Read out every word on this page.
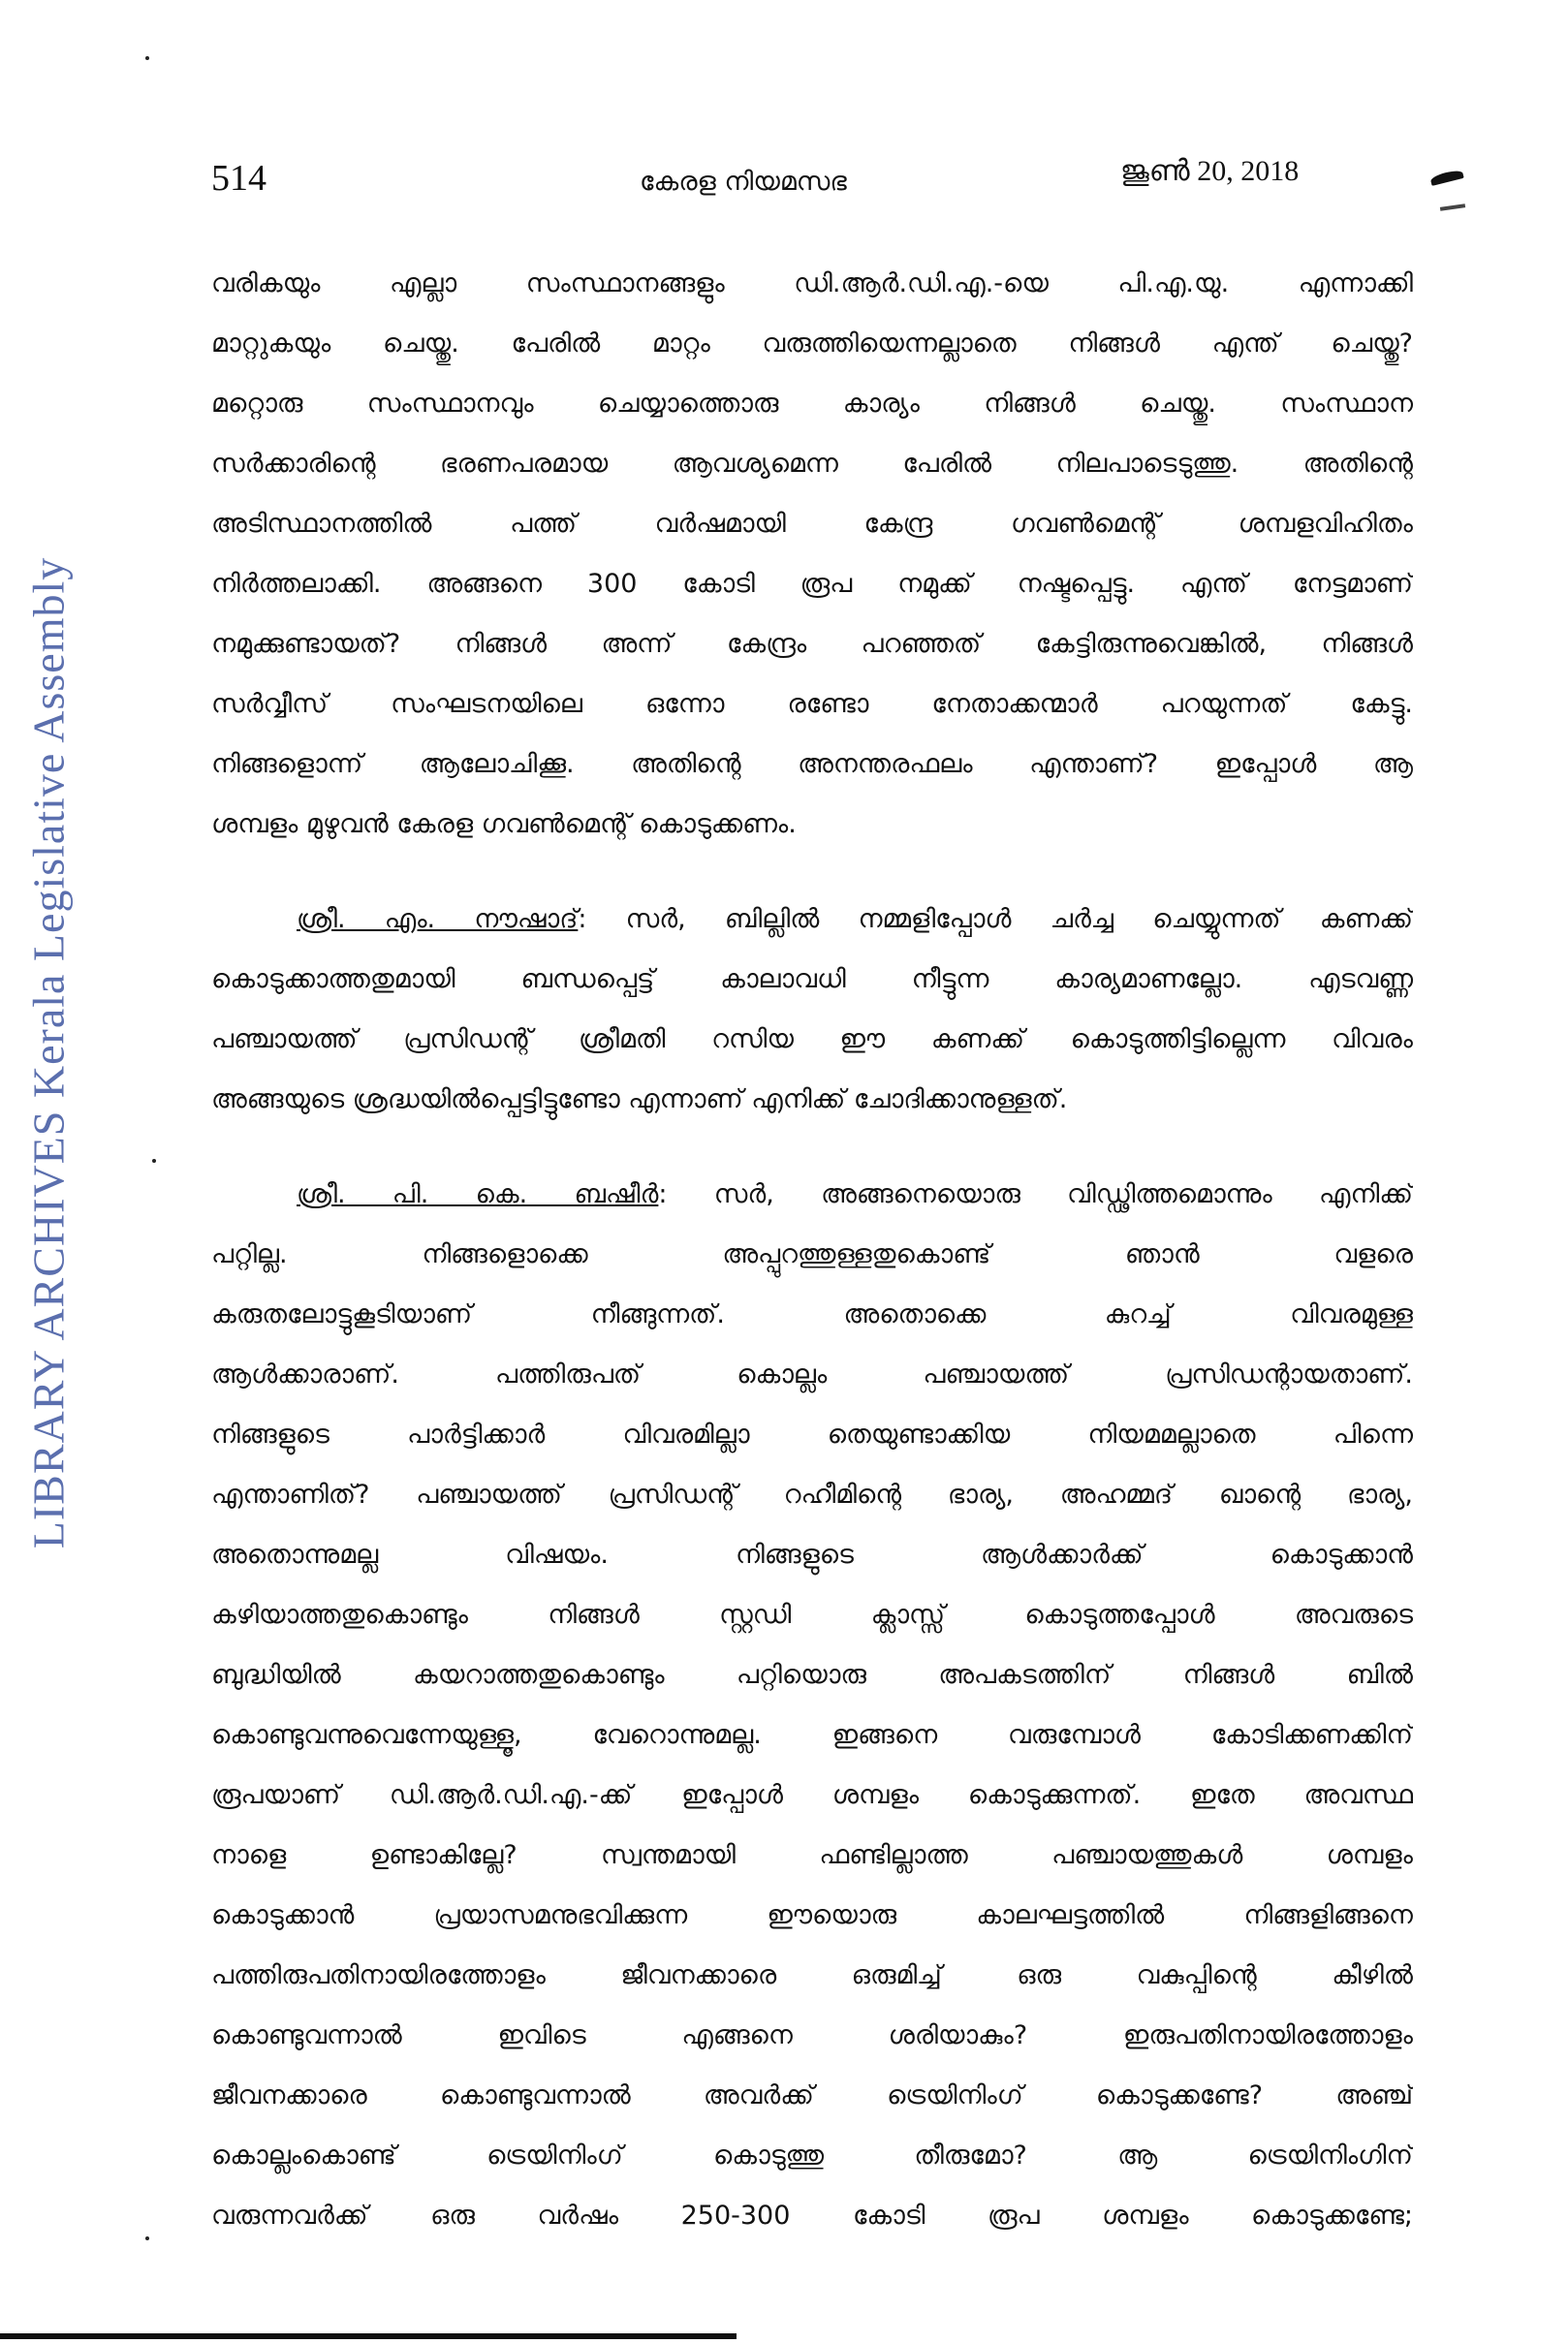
514	കേരള നിയമസഭ	ജൂൺ 20, 2018
LIBRARY ARCHIVES Kerala Legislative Assembly
വരികയും എല്ലാ സംസ്ഥാനങ്ങളും ഡി.ആർ.ഡി.എ.-യെ പി.എ.യു. എന്നാക്കി
മാറ്റുകയും ചെയ്തു. പേരിൽ മാറ്റം വരുത്തിയെന്നല്ലാതെ നിങ്ങൾ എന്ത് ചെയ്തു?
മറ്റൊരു സംസ്ഥാനവും ചെയ്യാത്തൊരു കാര്യം നിങ്ങൾ ചെയ്തു. സംസ്ഥാന
സർക്കാരിന്റെ ഭരണപരമായ ആവശ്യമെന്ന പേരിൽ നിലപാടെടുത്തു. അതിന്റെ
അടിസ്ഥാനത്തിൽ പത്ത് വർഷമായി കേന്ദ്ര ഗവൺമെന്റ് ശമ്പളവിഹിതം
നിർത്തലാക്കി. അങ്ങനെ 300 കോടി രൂപ നമുക്ക് നഷ്ടപ്പെട്ടു. എന്ത് നേട്ടമാണ്
നമുക്കുണ്ടായത്? നിങ്ങൾ അന്ന് കേന്ദ്രം പറഞ്ഞത് കേട്ടിരുന്നുവെങ്കിൽ, നിങ്ങൾ
സർവ്വീസ് സംഘടനയിലെ ഒന്നോ രണ്ടോ നേതാക്കന്മാർ പറയുന്നത് കേട്ടു.
നിങ്ങളൊന്ന് ആലോചിക്കൂ. അതിന്റെ അനന്തരഫലം എന്താണ്? ഇപ്പോൾ ആ
ശമ്പളം മുഴുവൻ കേരള ഗവൺമെന്റ് കൊടുക്കണം.
ശ്രീ. എം. നൗഷാദ്: സർ, ബില്ലിൽ നമ്മളിപ്പോൾ ചർച്ച ചെയ്യുന്നത് കണക്ക്
കൊടുക്കാത്തതുമായി ബന്ധപ്പെട്ട് കാലാവധി നീട്ടുന്ന കാര്യമാണല്ലോ. എടവണ്ണ
പഞ്ചായത്ത് പ്രസിഡന്റ് ശ്രീമതി റസിയ ഈ കണക്ക് കൊടുത്തിട്ടില്ലെന്ന വിവരം
അങ്ങയുടെ ശ്രദ്ധയിൽപ്പെട്ടിട്ടുണ്ടോ എന്നാണ് എനിക്ക് ചോദിക്കാനുള്ളത്.
ശ്രീ. പി. കെ. ബഷീർ: സർ, അങ്ങനെയൊരു വിഡ്ഢിത്തമൊന്നും എനിക്ക്
പറ്റില്ല. നിങ്ങളൊക്കെ അപ്പുറത്തുള്ളതുകൊണ്ട് ഞാൻ വളരെ
കരുതലോട്ടുകൂടിയാണ് നീങ്ങുന്നത്. അതൊക്കെ കുറച്ച് വിവരമുള്ള
ആൾക്കാരാണ്. പത്തിരുപത് കൊല്ലം പഞ്ചായത്ത് പ്രസിഡന്റായതാണ്.
നിങ്ങളുടെ പാർട്ടിക്കാർ വിവരമില്ലാ തെയുണ്ടാക്കിയ നിയമമല്ലാതെ പിന്നെ
എന്താണിത്? പഞ്ചായത്ത് പ്രസിഡന്റ് റഹീമിന്റെ ഭാര്യ, അഹമ്മദ് ഖാന്റെ ഭാര്യ,
അതൊന്നുമല്ല വിഷയം. നിങ്ങളുടെ ആൾക്കാർക്ക് കൊടുക്കാൻ
കഴിയാത്തതുകൊണ്ടും നിങ്ങൾ സ്റ്റഡി ക്ലാസ്സ് കൊടുത്തപ്പോൾ അവരുടെ
ബുദ്ധിയിൽ കയറാത്തതുകൊണ്ടും പറ്റിയൊരു അപകടത്തിന് നിങ്ങൾ ബിൽ
കൊണ്ടുവന്നുവെന്നേയുള്ളൂ, വേറൊന്നുമല്ല. ഇങ്ങനെ വരുമ്പോൾ കോടിക്കണക്കിന്
രൂപയാണ് ഡി.ആർ.ഡി.എ.-ക്ക് ഇപ്പോൾ ശമ്പളം കൊടുക്കുന്നത്. ഇതേ അവസ്ഥ
നാളെ ഉണ്ടാകില്ലേ? സ്വന്തമായി ഫണ്ടില്ലാത്ത പഞ്ചായത്തുകൾ ശമ്പളം
കൊടുക്കാൻ പ്രയാസമനുഭവിക്കുന്ന ഈയൊരു കാലഘട്ടത്തിൽ നിങ്ങളിങ്ങനെ
പത്തിരുപതിനായിരത്തോളം ജീവനക്കാരെ ഒരുമിച്ച് ഒരു വകുപ്പിന്റെ കീഴിൽ
കൊണ്ടുവന്നാൽ ഇവിടെ എങ്ങനെ ശരിയാകും? ഇരുപതിനായിരത്തോളം
ജീവനക്കാരെ കൊണ്ടുവന്നാൽ അവർക്ക് ട്രെയിനിംഗ് കൊടുക്കണ്ടേ? അഞ്ച്
കൊല്ലംകൊണ്ട് ട്രെയിനിംഗ് കൊടുത്തു തീരുമോ? ആ ട്രെയിനിംഗിന്
വരുന്നവർക്ക് ഒരു വർഷം 250-300 കോടി രൂപ ശമ്പളം കൊടുക്കണ്ടേ;
